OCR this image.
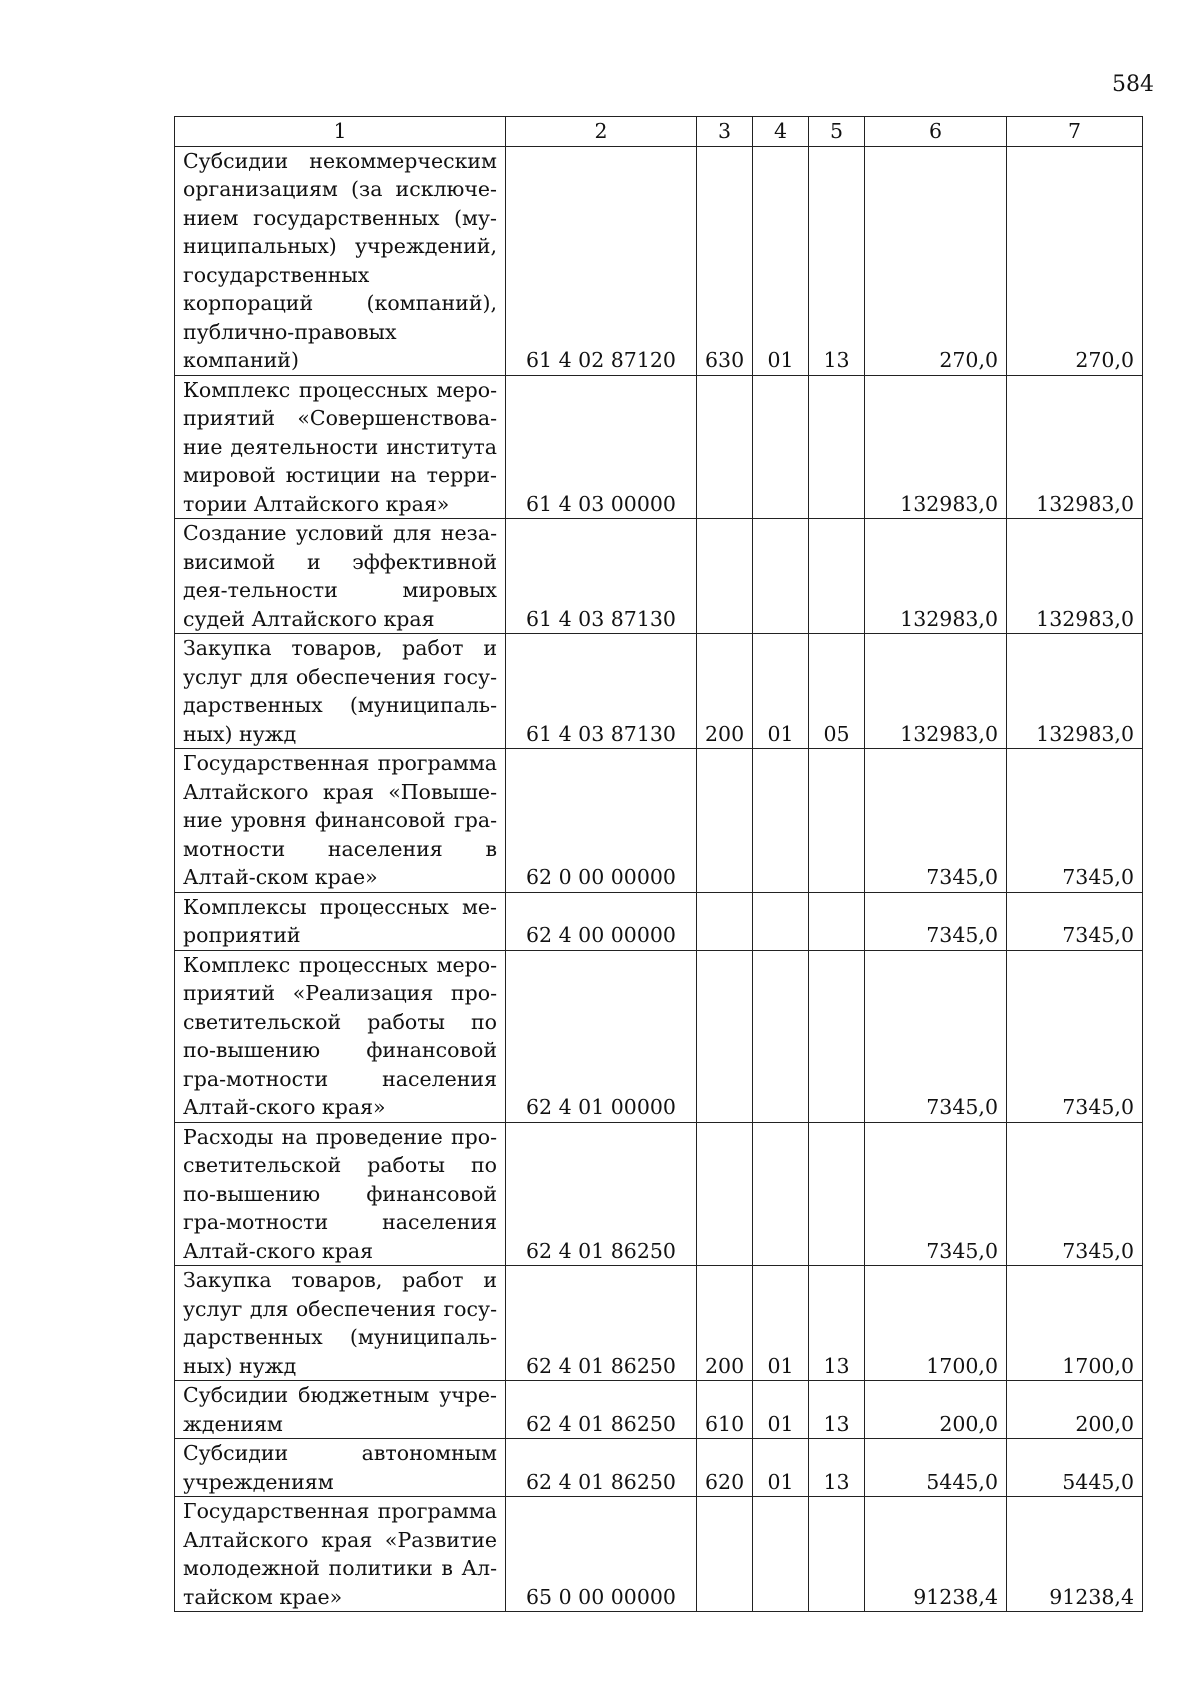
584
1	2	3	4	5	6	7
Субсидии некоммерческим организациям (за исключе-нием государственных (му-ниципальных) учреждений, государственных корпораций (компаний), публично-правовых компаний)	61 4 02 87120	630	01	13	270,0	270,0
Комплекс процессных меро-приятий «Совершенствова-ние деятельности института мировой юстиции на терри-тории Алтайского края»	61 4 03 00000				132983,0	132983,0
Создание условий для неза-висимой и эффективной дея-тельности мировых судей Алтайского края	61 4 03 87130				132983,0	132983,0
Закупка товаров, работ и услуг для обеспечения госу-дарственных (муниципаль-ных) нужд	61 4 03 87130	200	01	05	132983,0	132983,0
Государственная программа Алтайского края «Повыше-ние уровня финансовой гра-мотности населения в Алтай-ском крае»	62 0 00 00000				7345,0	7345,0
Комплексы процессных ме-роприятий	62 4 00 00000				7345,0	7345,0
Комплекс процессных меро-приятий «Реализация про-светительской работы по по-вышению финансовой гра-мотности населения Алтай-ского края»	62 4 01 00000				7345,0	7345,0
Расходы на проведение про-светительской работы по по-вышению финансовой гра-мотности населения Алтай-ского края	62 4 01 86250				7345,0	7345,0
Закупка товаров, работ и услуг для обеспечения госу-дарственных (муниципаль-ных) нужд	62 4 01 86250	200	01	13	1700,0	1700,0
Субсидии бюджетным учре-ждениям	62 4 01 86250	610	01	13	200,0	200,0
Субсидии автономным учреждениям	62 4 01 86250	620	01	13	5445,0	5445,0
Государственная программа Алтайского края «Развитие молодежной политики в Ал-тайском крае»	65 0 00 00000				91238,4	91238,4
